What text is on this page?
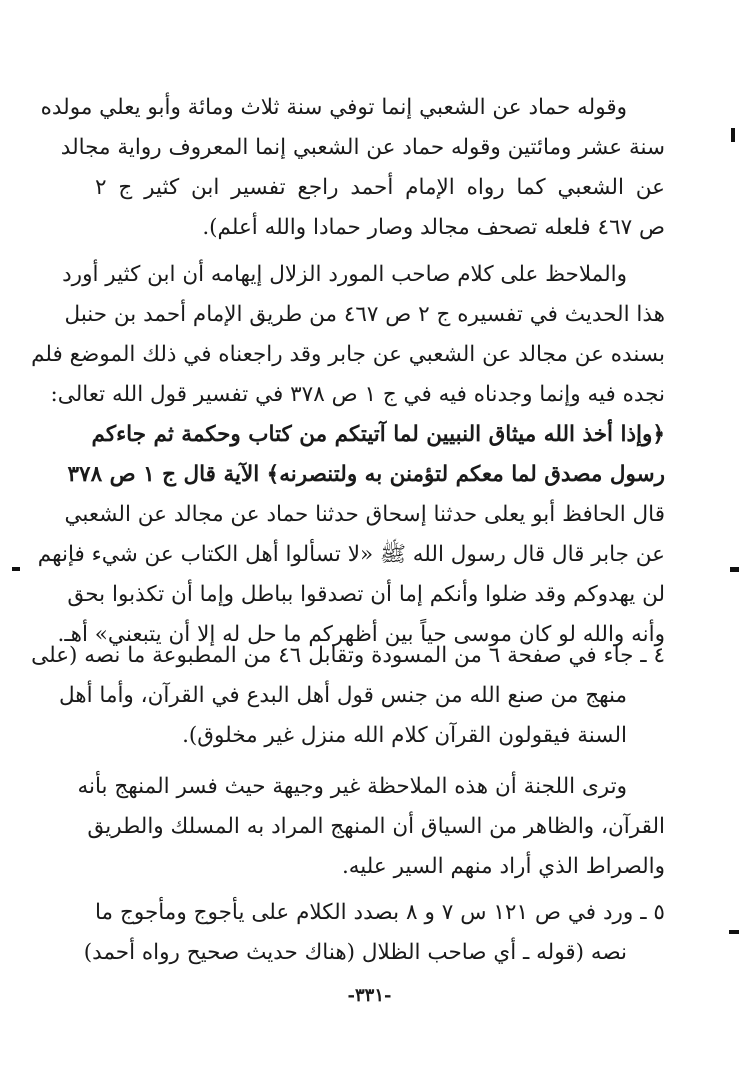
وقوله حماد عن الشعبي إنما توفي سنة ثلاث ومائة وأبو يعلي مولده
سنة عشر ومائتين وقوله حماد عن الشعبي إنما المعروف رواية مجالد
عن الشعبي كما رواه الإمام أحمد راجع تفسير ابن كثير ج ٢
ص ٤٦٧ فلعله تصحف مجالد وصار حمادا والله أعلم).
والملاحظ على كلام صاحب المورد الزلال إيهامه أن ابن كثير أورد
هذا الحديث في تفسيره ج ٢ ص ٤٦٧ من طريق الإمام أحمد بن حنبل
بسنده عن مجالد عن الشعبي عن جابر وقد راجعناه في ذلك الموضع فلم
نجده فيه وإنما وجدناه فيه في ج ١ ص ٣٧٨ في تفسير قول الله تعالى:
﴿وإذا أخذ الله ميثاق النبيين لما آتيتكم من كتاب وحكمة ثم جاءكم
رسول مصدق لما معكم لتؤمنن به ولتنصرنه﴾ الآية قال ج ١ ص ٣٧٨
قال الحافظ أبو يعلى حدثنا إسحاق حدثنا حماد عن مجالد عن الشعبي
عن جابر قال قال رسول الله ﷺ «لا تسألوا أهل الكتاب عن شيء فإنهم
لن يهدوكم وقد ضلوا وأنكم إما أن تصدقوا بباطل وإما أن تكذبوا بحق
وأنه والله لو كان موسى حياً بين أظهركم ما حل له إلا أن يتبعني» أهـ.
٤ ـ جاء في صفحة ٦ من المسودة وتقابل ٤٦ من المطبوعة ما نصه (على
منهج من صنع الله من جنس قول أهل البدع في القرآن، وأما أهل
السنة فيقولون القرآن كلام الله منزل غير مخلوق).
وترى اللجنة أن هذه الملاحظة غير وجيهة حيث فسر المنهج بأنه
القرآن، والظاهر من السياق أن المنهج المراد به المسلك والطريق
والصراط الذي أراد منهم السير عليه.
٥ ـ ورد في ص ١٢١ س ٧ و ٨ بصدد الكلام على يأجوج ومأجوج ما
نصه (قوله ـ أي صاحب الظلال (هناك حديث صحيح رواه أحمد)
-٣٣١-
